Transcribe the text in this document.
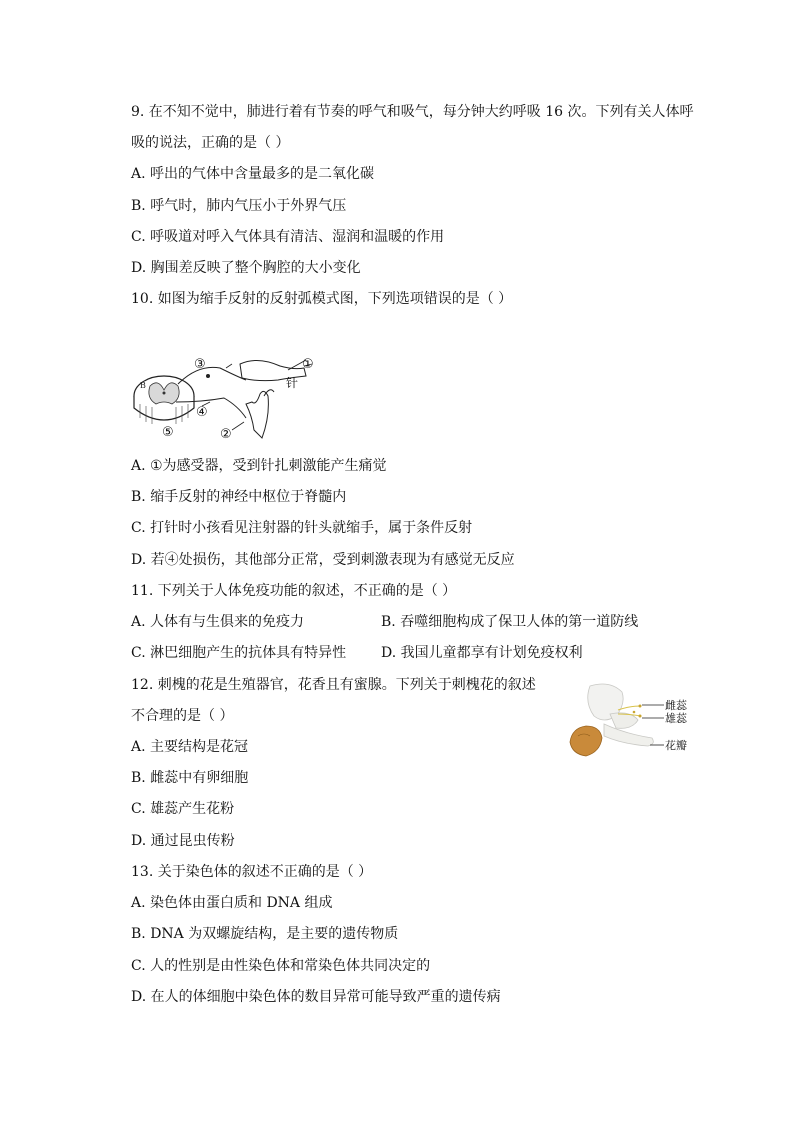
9. 在不知不觉中，肺进行着有节奏的呼气和吸气，每分钟大约呼吸 16 次。下列有关人体呼
吸的说法，正确的是（ ）
A. 呼出的气体中含量最多的是二氧化碳
B. 呼气时，肺内气压小于外界气压
C. 呼吸道对呼入气体具有清洁、湿润和温暖的作用
D. 胸围差反映了整个胸腔的大小变化
10. 如图为缩手反射的反射弧模式图，下列选项错误的是（ ）
B
③	①
针
④
⑤	②
A. ①为感受器，受到针扎刺激能产生痛觉
B. 缩手反射的神经中枢位于脊髓内
C. 打针时小孩看见注射器的针头就缩手，属于条件反射
D. 若④处损伤，其他部分正常，受到刺激表现为有感觉无反应
11. 下列关于人体免疫功能的叙述，不正确的是（ ）
A. 人体有与生俱来的免疫力	B. 吞噬细胞构成了保卫人体的第一道防线
C. 淋巴细胞产生的抗体具有特异性 D. 我国儿童都享有计划免疫权利
12. 刺槐的花是生殖器官，花香且有蜜腺。下列关于刺槐花的叙述
不合理的是（ ）
雌蕊
雄蕊
花瓣
A. 主要结构是花冠
B. 雌蕊中有卵细胞
C. 雄蕊产生花粉
D. 通过昆虫传粉
13. 关于染色体的叙述不正确的是（ ）
A. 染色体由蛋白质和 DNA 组成
B. DNA 为双螺旋结构，是主要的遗传物质
C. 人的性别是由性染色体和常染色体共同决定的
D. 在人的体细胞中染色体的数目异常可能导致严重的遗传病
